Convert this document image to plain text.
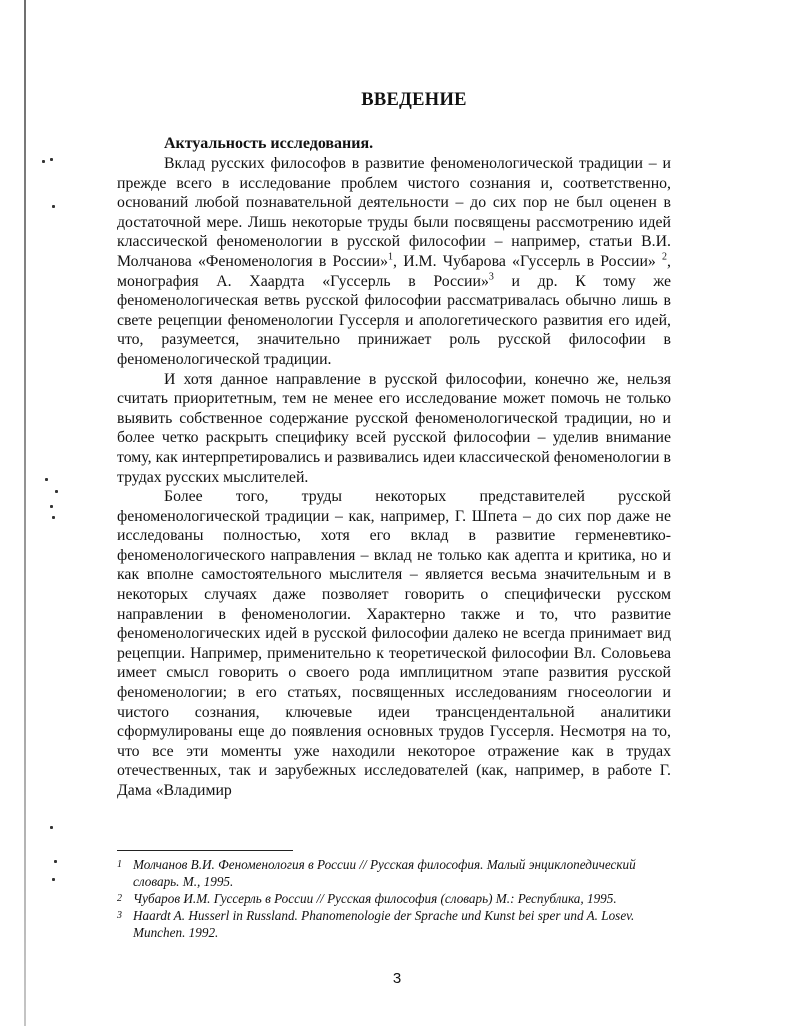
ВВЕДЕНИЕ

Актуальность исследования.

Вклад русских философов в развитие феноменологической традиции – и прежде всего в исследование проблем чистого сознания и, соответственно, оснований любой познавательной деятельности – до сих пор не был оценен в достаточной мере. Лишь некоторые труды были посвящены рассмотрению идей классической феноменологии в русской философии – например, статьи В.И. Молчанова «Феноменология в России»$^1$, И.М. Чубарова «Гуссерль в России» $^2$, монография А. Хаардта «Гуссерль в России»$^3$ и др. К тому же феноменологическая ветвь русской философии рассматривалась обычно лишь в свете рецепции феноменологии Гуссерля и апологетического развития его идей, что, разумеется, значительно принижает роль русской философии в феноменологической традиции.

И хотя данное направление в русской философии, конечно же, нельзя считать приоритетным, тем не менее его исследование может помочь не только выявить собственное содержание русской феноменологической традиции, но и более четко раскрыть специфику всей русской философии – уделив внимание тому, как интерпретировались и развивались идеи классической феноменологии в трудах русских мыслителей.

Более того, труды некоторых представителей русской феноменологической традиции – как, например, Г. Шпета – до сих пор даже не исследованы полностью, хотя его вклад в развитие герменевтико-феноменологического направления – вклад не только как адепта и критика, но и как вполне самостоятельного мыслителя – является весьма значительным и в некоторых случаях даже позволяет говорить о специфически русском направлении в феноменологии. Характерно также и то, что развитие феноменологических идей в русской философии далеко не всегда принимает вид рецепции. Например, применительно к теоретической философии Вл. Соловьева имеет смысл говорить о своего рода имплицитном этапе развития русской феноменологии; в его статьях, посвященных исследованиям гносеологии и чистого сознания, ключевые идеи трансцендентальной аналитики сформулированы еще до появления основных трудов Гуссерля. Несмотря на то, что все эти моменты уже находили некоторое отражение как в трудах отечественных, так и зарубежных исследователей (как, например, в работе Г. Дама «Владимир

1 Молчанов В.И. Феноменология в России // Русская философия. Малый энциклопедический словарь. М., 1995.

2 Чубаров И.М. Гуссерль в России // Русская философия (словарь) М.: Республика, 1995.

3 Haardt A. Husserl in Russland. Phanomenologie der Sprache und Kunst bei sper und A. Losev. Munchen. 1992.

3
